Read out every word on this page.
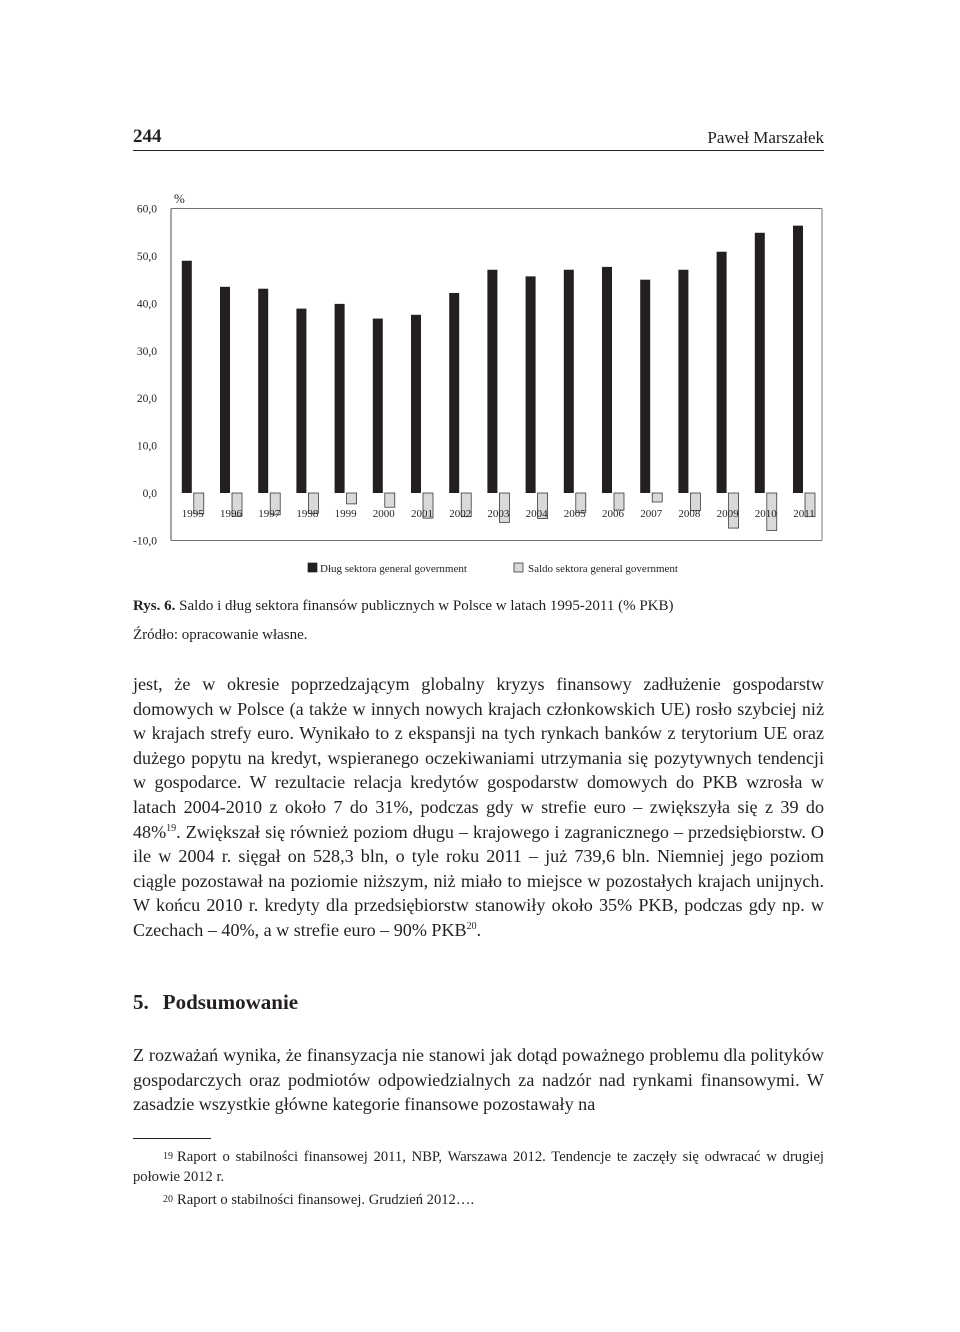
244	Paweł Marszałek
60,0
50,0
40,0
30,0
20,0
10,0
0,0
-10,0
%
1995 1996 1997 1998 1999 2000 2001 2002 2003 2004 2005 2006 2007 2008 2009 2010 2011
Dług sektora general government	Saldo sektora general government
Rys. 6. Saldo i dług sektora finansów publicznych w Polsce w latach 1995-2011 (% PKB)
Źródło: opracowanie własne.

jest, że w okresie poprzedzającym globalny kryzys finansowy zadłużenie gospodarstw domowych w Polsce (a także w innych nowych krajach członkowskich UE) rosło szybciej niż w krajach strefy euro. Wynikało to z ekspansji na tych rynkach banków z terytorium UE oraz dużego popytu na kredyt, wspieranego oczekiwaniami utrzymania się pozytywnych tendencji w gospodarce. W rezultacie relacja kredytów gospodarstw domowych do PKB wzrosła w latach 2004-2010 z około 7 do 31%, podczas gdy w strefie euro – zwiększyła się z 39 do 48%$^{19}$. Zwiększał się również poziom długu – krajowego i zagranicznego – przedsiębiorstw. O ile w 2004 r. sięgał on 528,3 bln, o tyle roku 2011 – już 739,6 bln. Niemniej jego poziom ciągle pozostawał na poziomie niższym, niż miało to miejsce w pozostałych krajach unijnych. W końcu 2010 r. kredyty dla przedsiębiorstw stanowiły około 35% PKB, podczas gdy np. w Czechach – 40%, a w strefie euro – 90% PKB$^{20}$.

5. Podsumowanie

Z rozważań wynika, że finansyzacja nie stanowi jak dotąd poważnego problemu dla polityków gospodarczych oraz podmiotów odpowiedzialnych za nadzór nad rynkami finansowymi. W zasadzie wszystkie główne kategorie finansowe pozostawały na

19 Raport o stabilności finansowej 2011, NBP, Warszawa 2012. Tendencje te zaczęły się odwracać w drugiej połowie 2012 r.

20 Raport o stabilności finansowej. Grudzień 2012….
